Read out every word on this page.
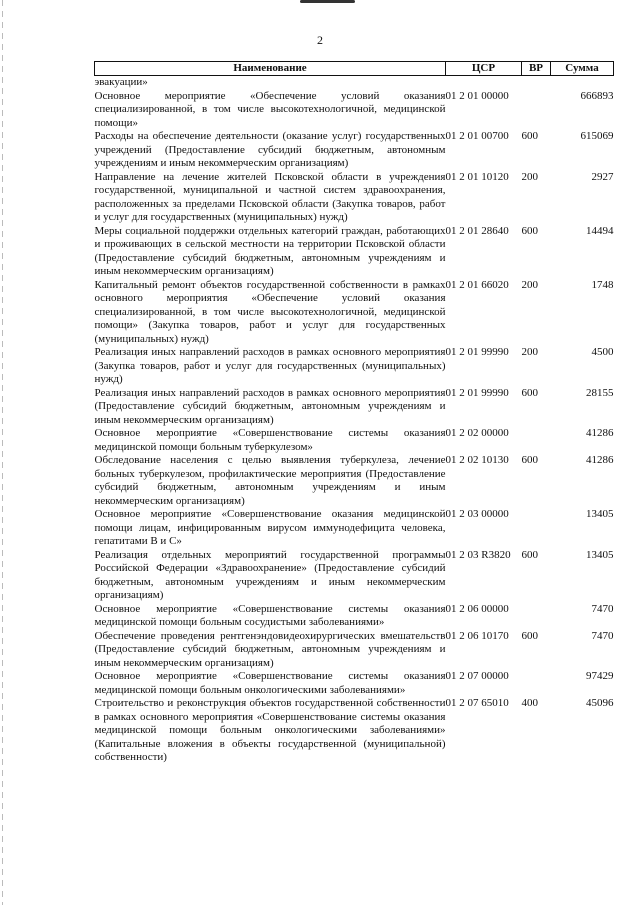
2
Наименование	ЦСР	ВР	Сумма
эвакуации»			
Основное мероприятие «Обеспечение условий оказания специализированной, в том числе высокотехнологичной, медицинской помощи»	01 2 01 00000		666893
Расходы на обеспечение деятельности (оказание услуг) государственных учреждений (Предоставление субсидий бюджетным, автономным учреждениям и иным некоммерческим организациям)	01 2 01 00700	600	615069
Направление на лечение жителей Псковской области в учреждения государственной, муниципальной и частной систем здравоохранения, расположенных за пределами Псковской области (Закупка товаров, работ и услуг для государственных (муниципальных) нужд)	01 2 01 10120	200	2927
Меры социальной поддержки отдельных категорий граждан, работающих и проживающих в сельской местности на территории Псковской области (Предоставление субсидий бюджетным, автономным учреждениям и иным некоммерческим организациям)	01 2 01 28640	600	14494
Капитальный ремонт объектов государственной собственности в рамках основного мероприятия «Обеспечение условий оказания специализированной, в том числе высокотехнологичной, медицинской помощи» (Закупка товаров, работ и услуг для государственных (муниципальных) нужд)	01 2 01 66020	200	1748
Реализация иных направлений расходов в рамках основного мероприятия (Закупка товаров, работ и услуг для государственных (муниципальных) нужд)	01 2 01 99990	200	4500
Реализация иных направлений расходов в рамках основного мероприятия (Предоставление субсидий бюджетным, автономным учреждениям и иным некоммерческим организациям)	01 2 01 99990	600	28155
Основное мероприятие «Совершенствование системы оказания медицинской помощи больным туберкулезом»	01 2 02 00000		41286
Обследование населения с целью выявления туберкулеза, лечение больных туберкулезом, профилактические мероприятия (Предоставление субсидий бюджетным, автономным учреждениям и иным некоммерческим организациям)	01 2 02 10130	600	41286
Основное мероприятие «Совершенствование оказания медицинской помощи лицам, инфицированным вирусом иммунодефицита человека, гепатитами B и C»	01 2 03 00000		13405
Реализация отдельных мероприятий государственной программы Российской Федерации «Здравоохранение» (Предоставление субсидий бюджетным, автономным учреждениям и иным некоммерческим организациям)	01 2 03 R3820	600	13405
Основное мероприятие «Совершенствование системы оказания медицинской помощи больным сосудистыми заболеваниями»	01 2 06 00000		7470
Обеспечение проведения рентгенэндовидеохирургических вмешательств (Предоставление субсидий бюджетным, автономным учреждениям и иным некоммерческим организациям)	01 2 06 10170	600	7470
Основное мероприятие «Совершенствование системы оказания медицинской помощи больным онкологическими заболеваниями»	01 2 07 00000		97429
Строительство и реконструкция объектов государственной собственности в рамках основного мероприятия «Совершенствование системы оказания медицинской помощи больным онкологическими заболеваниями» (Капитальные вложения в объекты государственной (муниципальной) собственности)	01 2 07 65010	400	45096
